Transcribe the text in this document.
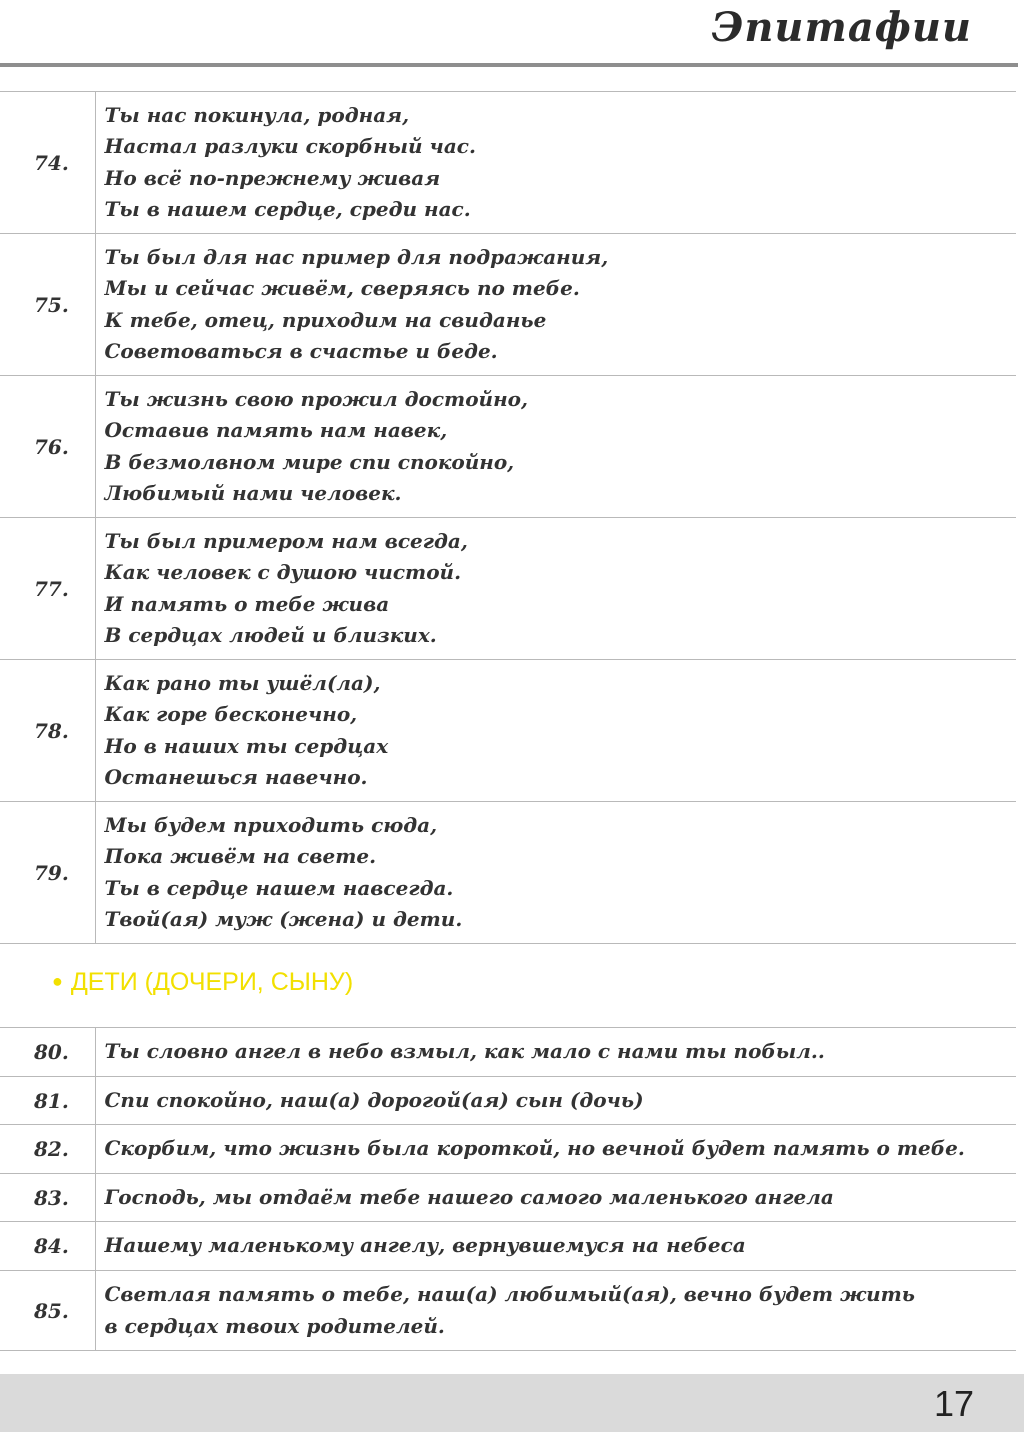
Эпитафии
74.	Ты нас покинула, родная,
Настал разлуки скорбный час.
Но всё по-прежнему живая
Ты в нашем сердце, среди нас.

75.	Ты был для нас пример для подражания,
Мы и сейчас живём, сверяясь по тебе.
К тебе, отец, приходим на свиданье
Советоваться в счастье и беде.

76.	Ты жизнь свою прожил достойно,
Оставив память нам навек,
В безмолвном мире спи спокойно,
Любимый нами человек.

77.	Ты был примером нам всегда,
Как человек с душою чистой.
И память о тебе жива
В сердцах людей и близких.

78.	Как рано ты ушёл(ла),
Как горе бесконечно,
Но в наших ты сердцах
Останешься навечно.

79.	Мы будем приходить сюда,
Пока живём на свете.
Ты в сердце нашем навсегда.
Твой(ая) муж (жена) и дети.
● ДЕТИ (ДОЧЕРИ, СЫНУ)
80.	Ты словно ангел в небо взмыл, как мало с нами ты побыл..

81.	Спи спокойно, наш(а) дорогой(ая) сын (дочь)

82.	Скорбим, что жизнь была короткой, но вечной будет память о тебе.

83.	Господь, мы отдаём тебе нашего самого маленького ангела

84.	Нашему маленькому ангелу, вернувшемуся на небеса

85.	Светлая память о тебе, наш(а) любимый(ая), вечно будет жить
в сердцах твоих родителей.
17
